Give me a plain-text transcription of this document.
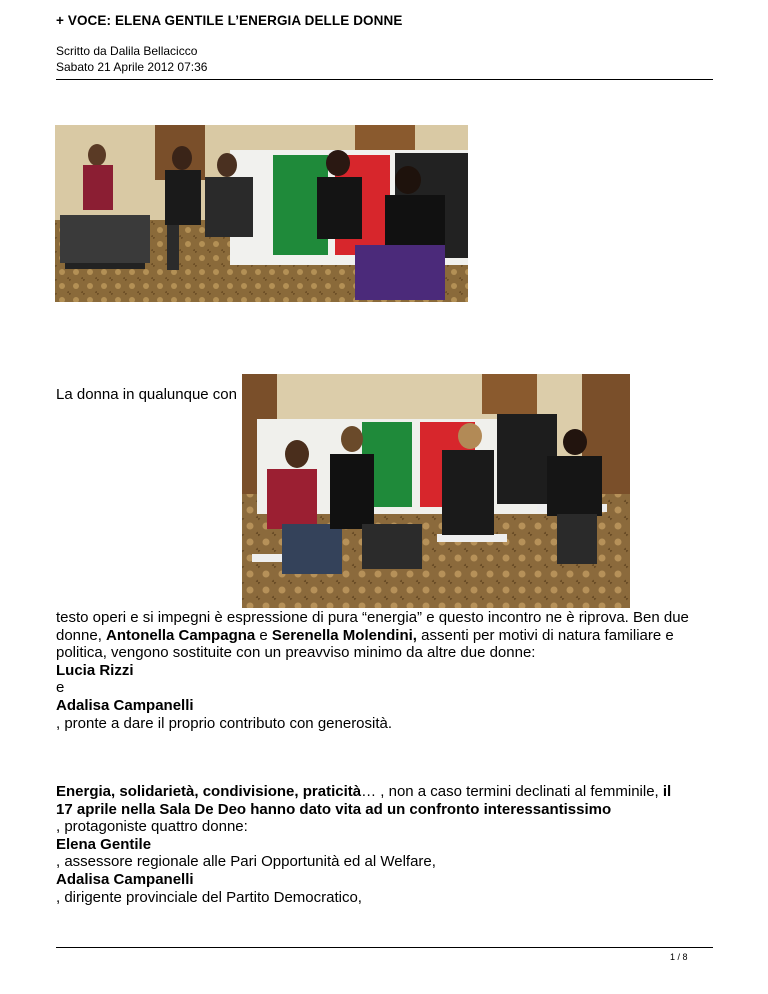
+ VOCE: ELENA GENTILE L’ENERGIA DELLE DONNE
Scritto da Dalila Bellacicco
Sabato 21 Aprile 2012 07:36
La donna in qualunque con
testo operi e si impegni è espressione di pura “energia” e questo incontro ne è riprova. Ben due
donne, Antonella Campagna e Serenella Molendini, assenti per motivi di natura familiare e
politica, vengono sostituite con un preavviso minimo da altre due donne:
Lucia Rizzi
e
Adalisa Campanelli
, pronte a dare il proprio contributo con generosità.
Energia, solidarietà, condivisione, praticità… , non a caso termini declinati al femminile, il
17 aprile nella Sala De Deo hanno dato vita ad un confronto interessantissimo
, protagoniste quattro donne:
Elena Gentile
, assessore regionale alle Pari Opportunità ed al Welfare,
Adalisa Campanelli
, dirigente provinciale del Partito Democratico,
1 / 8
